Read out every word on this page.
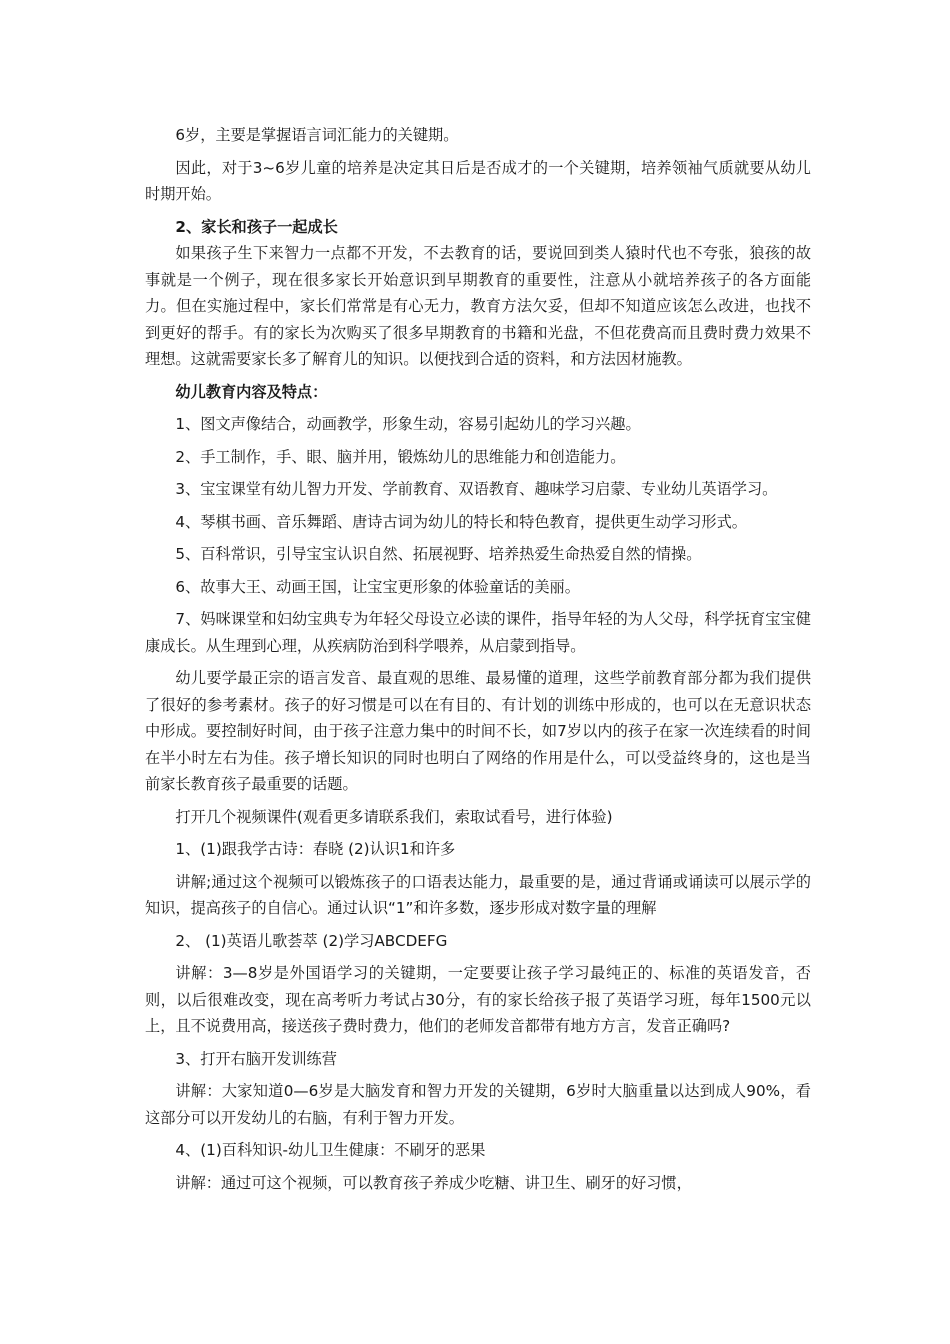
6岁，主要是掌握语言词汇能力的关键期。

因此，对于3~6岁儿童的培养是决定其日后是否成才的一个关键期，培养领袖气质就要从幼儿时期开始。

2、家长和孩子一起成长

如果孩子生下来智力一点都不开发，不去教育的话，要说回到类人猿时代也不夸张，狼孩的故事就是一个例子，现在很多家长开始意识到早期教育的重要性，注意从小就培养孩子的各方面能力。但在实施过程中，家长们常常是有心无力，教育方法欠妥，但却不知道应该怎么改进，也找不到更好的帮手。有的家长为次购买了很多早期教育的书籍和光盘，不但花费高而且费时费力效果不理想。这就需要家长多了解育儿的知识。以便找到合适的资料，和方法因材施教。

幼儿教育内容及特点：

1、图文声像结合，动画教学，形象生动，容易引起幼儿的学习兴趣。

2、手工制作，手、眼、脑并用，锻炼幼儿的思维能力和创造能力。

3、宝宝课堂有幼儿智力开发、学前教育、双语教育、趣味学习启蒙、专业幼儿英语学习。

4、琴棋书画、音乐舞蹈、唐诗古词为幼儿的特长和特色教育，提供更生动学习形式。

5、百科常识，引导宝宝认识自然、拓展视野、培养热爱生命热爱自然的情操。

6、故事大王、动画王国，让宝宝更形象的体验童话的美丽。

7、妈咪课堂和妇幼宝典专为年轻父母设立必读的课件，指导年轻的为人父母，科学抚育宝宝健康成长。从生理到心理，从疾病防治到科学喂养，从启蒙到指导。

幼儿要学最正宗的语言发音、最直观的思维、最易懂的道理，这些学前教育部分都为我们提供了很好的参考素材。孩子的好习惯是可以在有目的、有计划的训练中形成的，也可以在无意识状态中形成。要控制好时间，由于孩子注意力集中的时间不长，如7岁以内的孩子在家一次连续看的时间在半小时左右为佳。孩子增长知识的同时也明白了网络的作用是什么，可以受益终身的，这也是当前家长教育孩子最重要的话题。

打开几个视频课件(观看更多请联系我们，索取试看号，进行体验)

1、(1)跟我学古诗：春晓 (2)认识1和许多

讲解;通过这个视频可以锻炼孩子的口语表达能力，最重要的是，通过背诵或诵读可以展示学的知识，提高孩子的自信心。通过认识“1”和许多数，逐步形成对数字量的理解

2、 (1)英语儿歌荟萃 (2)学习ABCDEFG

讲解：3—8岁是外国语学习的关键期，一定要要让孩子学习最纯正的、标准的英语发音，否则，以后很难改变，现在高考听力考试占30分，有的家长给孩子报了英语学习班，每年1500元以上，且不说费用高，接送孩子费时费力，他们的老师发音都带有地方方言，发音正确吗?

3、打开右脑开发训练营

讲解：大家知道0—6岁是大脑发育和智力开发的关键期，6岁时大脑重量以达到成人90%，看这部分可以开发幼儿的右脑，有利于智力开发。

4、(1)百科知识-幼儿卫生健康：不刷牙的恶果

讲解：通过可这个视频，可以教育孩子养成少吃糖、讲卫生、刷牙的好习惯，
